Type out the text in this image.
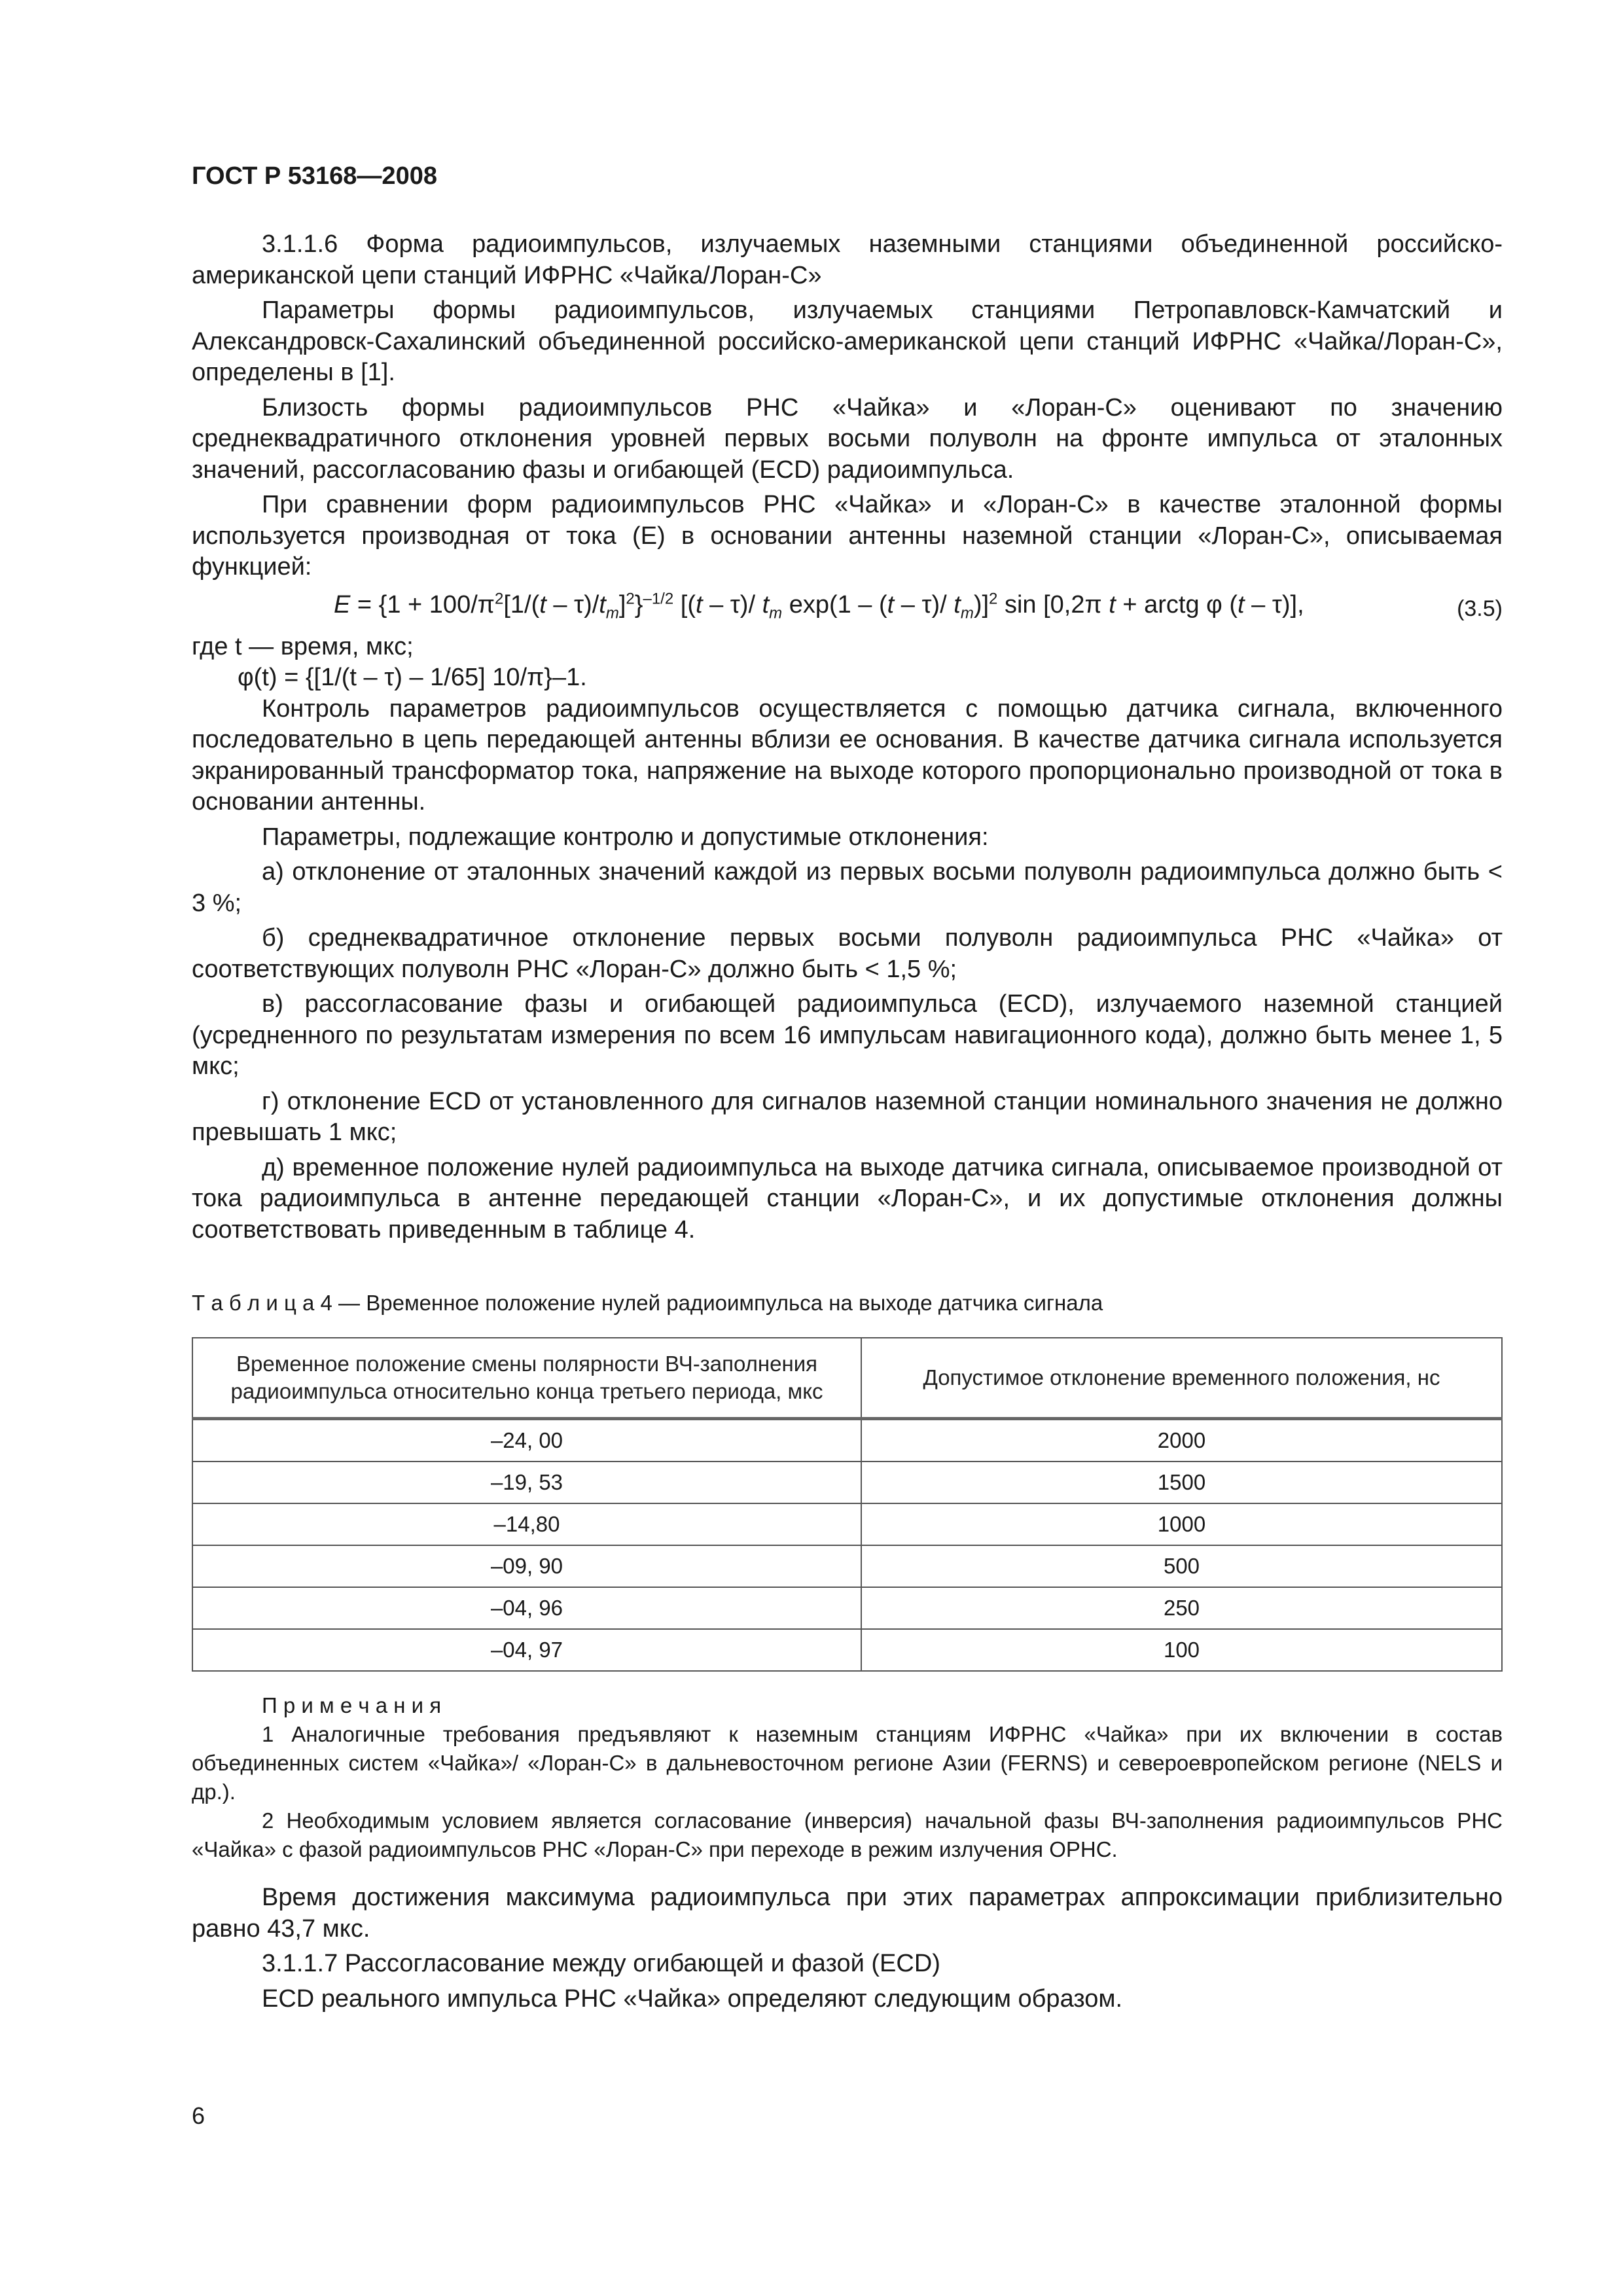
ГОСТ Р 53168—2008

3.1.1.6 Форма радиоимпульсов, излучаемых наземными станциями объединенной российско-американской цепи станций ИФРНС «Чайка/Лоран-С»

Параметры формы радиоимпульсов, излучаемых станциями Петропавловск-Камчатский и Александровск-Сахалинский объединенной российско-американской цепи станций ИФРНС «Чайка/Лоран-С», определены в [1].

Близость формы радиоимпульсов РНС «Чайка» и «Лоран-С» оценивают по значению среднеквадратичного отклонения уровней первых восьми полуволн на фронте импульса от эталонных значений, рассогласованию фазы и огибающей (ECD) радиоимпульса.

При сравнении форм радиоимпульсов РНС «Чайка» и «Лоран-С» в качестве эталонной формы используется производная от тока (E) в основании антенны наземной станции «Лоран-С», описываемая функцией:

$E = \{1 + 100/\pi^2[1/(t - \tau)/t_m]^2\}^{-1/2}$ [(t – τ)/ $t_m$ exp(1 – (t – τ)/ $t_m)]^2$ sin [0,2π t + arctg φ (t – τ)],	(3.5)

где t — время, мкс;

φ(t) = {[1/(t – τ) – 1/65] 10/π}–1.

Контроль параметров радиоимпульсов осуществляется с помощью датчика сигнала, включенного последовательно в цепь передающей антенны вблизи ее основания. В качестве датчика сигнала используется экранированный трансформатор тока, напряжение на выходе которого пропорционально производной от тока в основании антенны.

Параметры, подлежащие контролю и допустимые отклонения:

а) отклонение от эталонных значений каждой из первых восьми полуволн радиоимпульса должно быть < 3 %;

б) среднеквадратичное отклонение первых восьми полуволн радиоимпульса РНС «Чайка» от соответствующих полуволн РНС «Лоран-С» должно быть < 1,5 %;

в) рассогласование фазы и огибающей радиоимпульса (ECD), излучаемого наземной станцией (усредненного по результатам измерения по всем 16 импульсам навигационного кода), должно быть менее 1, 5 мкс;

г) отклонение ECD от установленного для сигналов наземной станции номинального значения не должно превышать 1 мкс;

д) временное положение нулей радиоимпульса на выходе датчика сигнала, описываемое производной от тока радиоимпульса в антенне передающей станции «Лоран-С», и их допустимые отклонения должны соответствовать приведенным в таблице 4.

Т а б л и ц а 4 — Временное положение нулей радиоимпульса на выходе датчика сигнала

Временное положение смены полярности ВЧ-заполнения радиоимпульса относительно конца третьего периода, мкс	Допустимое отклонение временного положения, нс
–24, 00	2000
–19, 53	1500
–14,80	1000
–09, 90	500
–04, 96	250
–04, 97	100

П р и м е ч а н и я

1 Аналогичные требования предъявляют к наземным станциям ИФРНС «Чайка» при их включении в состав объединенных систем «Чайка»/ «Лоран-С» в дальневосточном регионе Азии (FERNS) и североевропейском регионе (NELS и др.).

2 Необходимым условием является согласование (инверсия) начальной фазы ВЧ-заполнения радиоимпульсов РНС «Чайка» с фазой радиоимпульсов РНС «Лоран-С» при переходе в режим излучения ОРНС.

Время достижения максимума радиоимпульса при этих параметрах аппроксимации приблизительно равно 43,7 мкс.

3.1.1.7 Рассогласование между огибающей и фазой (ECD)

ECD реального импульса РНС «Чайка» определяют следующим образом.

6
